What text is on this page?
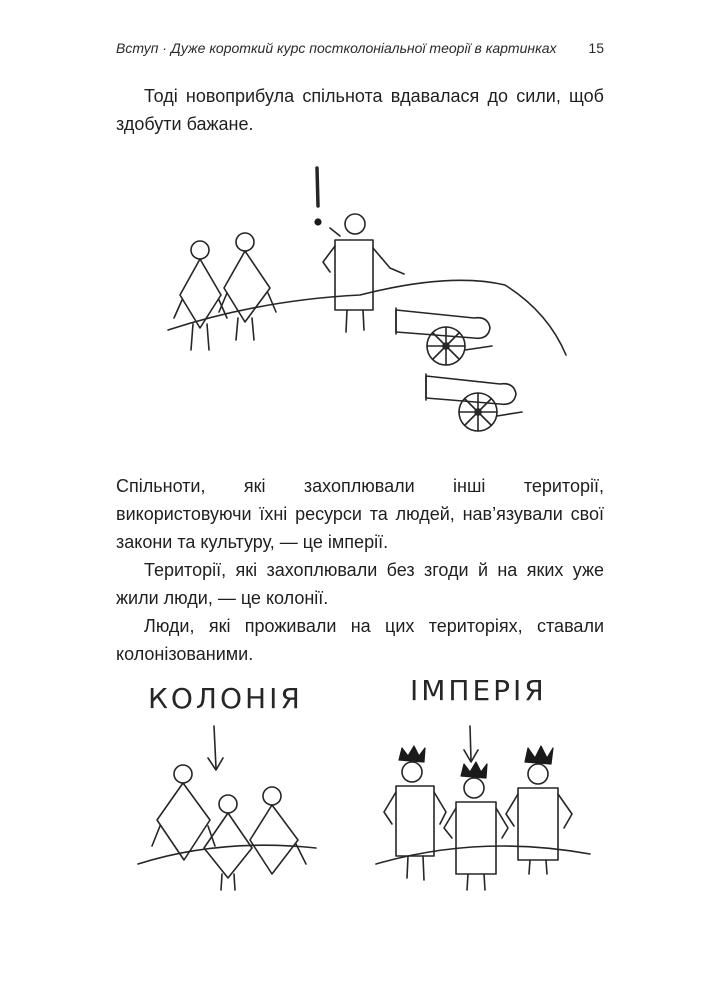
Вступ · Дуже короткий курс постколоніальної теорії в картинках 15

Тоді новоприбула спільнота вдавалася до сили, щоб здобути бажане.

!

Спільноти, які захоплювали інші території, використовуючи їхні ресурси та людей, нав’язували свої закони та культуру, — це імперії.

Території, які захоплювали без згоди й на яких уже жили люди, — це колонії.

Люди, які проживали на цих територіях, ставали колонізованими.

КОЛОНІЯ	ІМПЕРІЯ
